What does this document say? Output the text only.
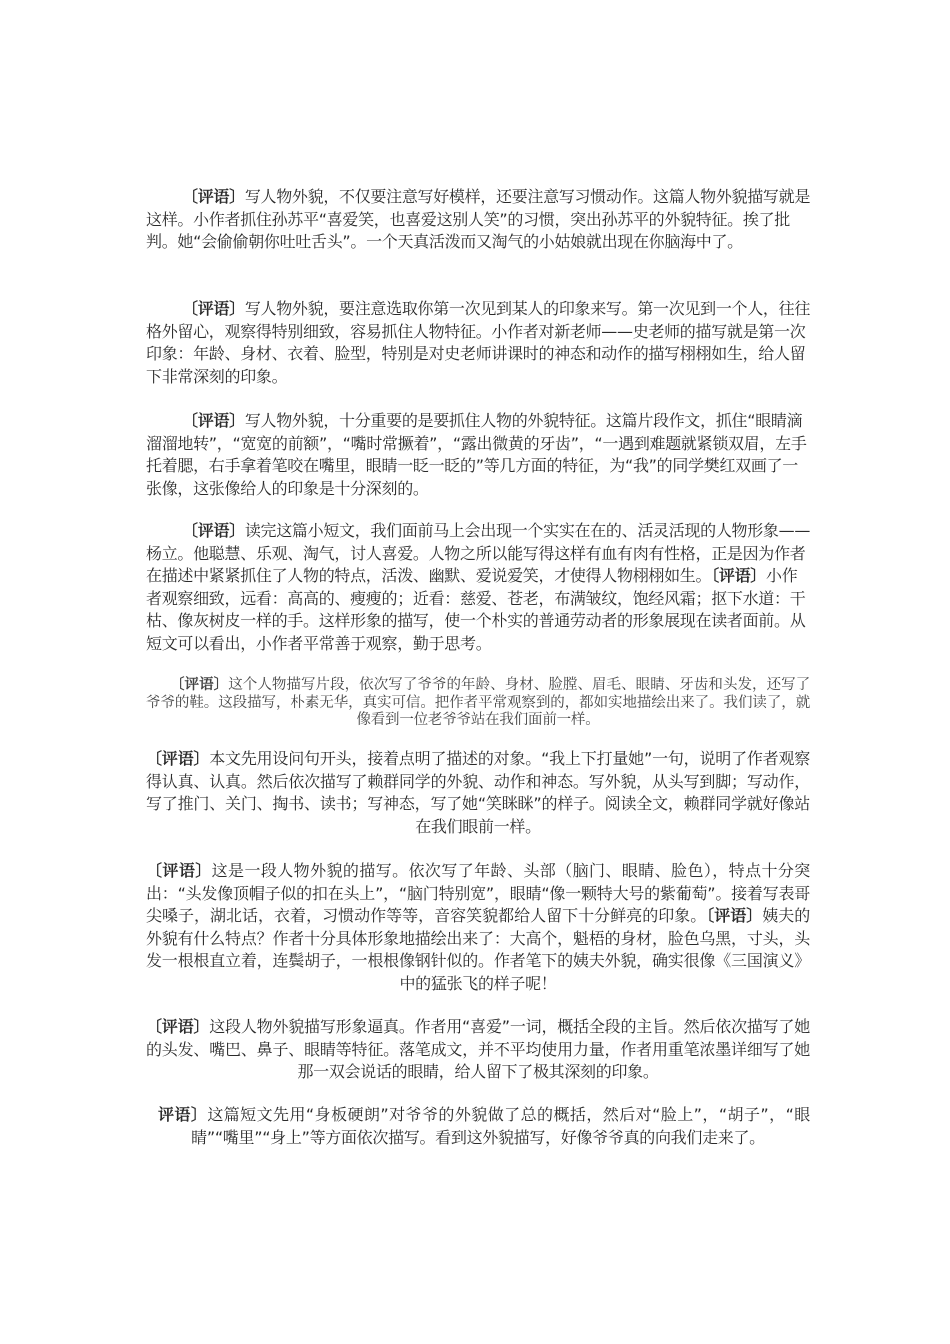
〔评语〕写人物外貌，不仅要注意写好模样，还要注意写习惯动作。这篇人物外貌描写就是这样。小作者抓住孙苏平“喜爱笑，也喜爱这别人笑”的习惯，突出孙苏平的外貌特征。挨了批判。她“会偷偷朝你吐吐舌头”。一个天真活泼而又淘气的小姑娘就出现在你脑海中了。

〔评语〕写人物外貌，要注意选取你第一次见到某人的印象来写。第一次见到一个人，往往格外留心，观察得特别细致，容易抓住人物特征。小作者对新老师——史老师的描写就是第一次印象：年龄、身材、衣着、脸型，特别是对史老师讲课时的神态和动作的描写栩栩如生，给人留下非常深刻的印象。

〔评语〕写人物外貌，十分重要的是要抓住人物的外貌特征。这篇片段作文，抓住“眼睛滴溜溜地转”，“宽宽的前额”，“嘴时常撅着”，“露出微黄的牙齿”，“一遇到难题就紧锁双眉，左手托着腮，右手拿着笔咬在嘴里，眼睛一眨一眨的”等几方面的特征，为“我”的同学樊红双画了一张像，这张像给人的印象是十分深刻的。

〔评语〕读完这篇小短文，我们面前马上会出现一个实实在在的、活灵活现的人物形象——杨立。他聪慧、乐观、淘气，讨人喜爱。人物之所以能写得这样有血有肉有性格，正是因为作者在描述中紧紧抓住了人物的特点，活泼、幽默、爱说爱笑，才使得人物栩栩如生。〔评语〕小作者观察细致，远看：高高的、瘦瘦的；近看：慈爱、苍老，布满皱纹，饱经风霜；抠下水道：干枯、像灰树皮一样的手。这样形象的描写，使一个朴实的普通劳动者的形象展现在读者面前。从短文可以看出，小作者平常善于观察，勤于思考。

〔评语〕这个人物描写片段，依次写了爷爷的年龄、身材、脸膛、眉毛、眼睛、牙齿和头发，还写了爷爷的鞋。这段描写，朴素无华，真实可信。把作者平常观察到的，都如实地描绘出来了。我们读了，就像看到一位老爷爷站在我们面前一样。

〔评语〕本文先用设问句开头，接着点明了描述的对象。“我上下打量她”一句，说明了作者观察得认真、认真。然后依次描写了赖群同学的外貌、动作和神态。写外貌，从头写到脚；写动作，写了推门、关门、掏书、读书；写神态，写了她“笑眯眯”的样子。阅读全文，赖群同学就好像站在我们眼前一样。

〔评语〕这是一段人物外貌的描写。依次写了年龄、头部（脑门、眼睛、脸色），特点十分突出：“头发像顶帽子似的扣在头上”，“脑门特别宽”，眼睛“像一颗特大号的紫葡萄”。接着写表哥尖嗓子，湖北话，衣着，习惯动作等等，音容笑貌都给人留下十分鲜亮的印象。〔评语〕姨夫的外貌有什么特点？作者十分具体形象地描绘出来了：大高个，魁梧的身材，脸色乌黑，寸头，头发一根根直立着，连鬓胡子，一根根像钢针似的。作者笔下的姨夫外貌，确实很像《三国演义》中的猛张飞的样子呢！

〔评语〕这段人物外貌描写形象逼真。作者用“喜爱”一词，概括全段的主旨。然后依次描写了她的头发、嘴巴、鼻子、眼睛等特征。落笔成文，并不平均使用力量，作者用重笔浓墨详细写了她那一双会说话的眼睛，给人留下了极其深刻的印象。

评语〕这篇短文先用“身板硬朗”对爷爷的外貌做了总的概括，然后对“脸上”，“胡子”，“眼睛”“嘴里”“身上”等方面依次描写。看到这外貌描写，好像爷爷真的向我们走来了。
